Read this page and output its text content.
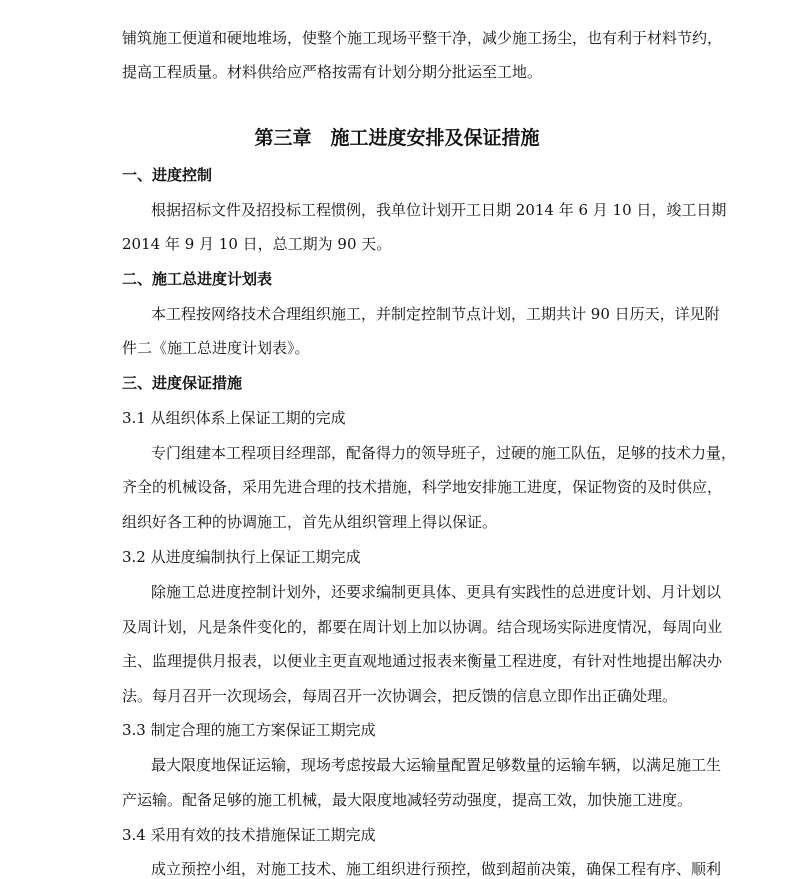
铺筑施工便道和硬地堆场，使整个施工现场平整干净，减少施工扬尘，也有利于材料节约，
提高工程质量。材料供给应严格按需有计划分期分批运至工地。
第三章　施工进度安排及保证措施
一、进度控制
根据招标文件及招投标工程惯例，我单位计划开工日期 2014 年 6 月 10 日，竣工日期
2014 年 9 月 10 日，总工期为 90 天。
二、施工总进度计划表
本工程按网络技术合理组织施工，并制定控制节点计划，工期共计 90 日历天，详见附
件二《施工总进度计划表》。
三、进度保证措施
3.1 从组织体系上保证工期的完成
专门组建本工程项目经理部，配备得力的领导班子，过硬的施工队伍，足够的技术力量，
齐全的机械设备，采用先进合理的技术措施，科学地安排施工进度，保证物资的及时供应，
组织好各工种的协调施工，首先从组织管理上得以保证。
3.2 从进度编制执行上保证工期完成
除施工总进度控制计划外，还要求编制更具体、更具有实践性的总进度计划、月计划以
及周计划，凡是条件变化的，都要在周计划上加以协调。结合现场实际进度情况，每周向业
主、监理提供月报表，以便业主更直观地通过报表来衡量工程进度，有针对性地提出解决办
法。每月召开一次现场会，每周召开一次协调会，把反馈的信息立即作出正确处理。
3.3 制定合理的施工方案保证工期完成
最大限度地保证运输，现场考虑按最大运输量配置足够数量的运输车辆，以满足施工生
产运输。配备足够的施工机械，最大限度地减轻劳动强度，提高工效，加快施工进度。
3.4 采用有效的技术措施保证工期完成
成立预控小组，对施工技术、施工组织进行预控，做到超前决策，确保工程有序、顺利
